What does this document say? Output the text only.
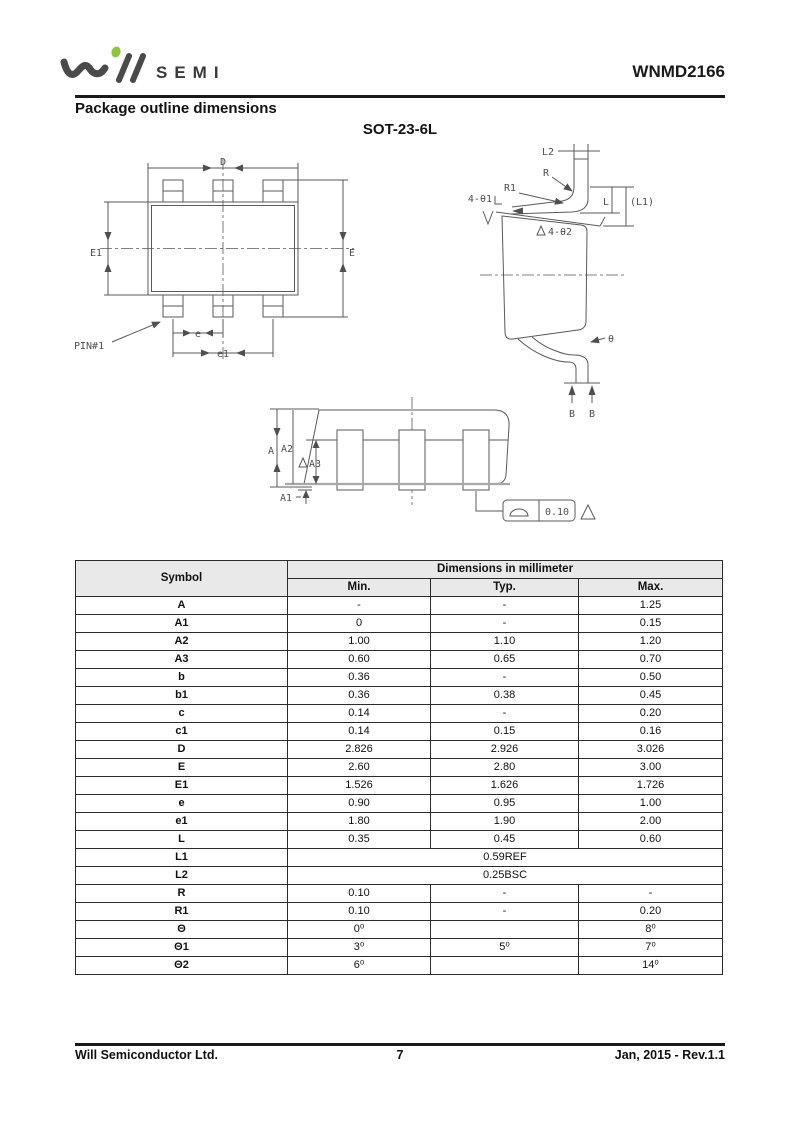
SEMI	WNMD2166
Package outline dimensions
SOT-23-6L
D
E1	E
e
e1
PIN#1
L2
4-θ2
4-θ1
R
R1
L (L1)
θ
B B
A A2
A3
A1
0.10
Symbol	Dimensions in millimeter		
	Min.	Typ.	Max.
A	-	-	1.25
A1	0	-	0.15
A2	1.00	1.10	1.20
A3	0.60	0.65	0.70
b	0.36	-	0.50
b1	0.36	0.38	0.45
c	0.14	-	0.20
c1	0.14	0.15	0.16
D	2.826	2.926	3.026
E	2.60	2.80	3.00
E1	1.526	1.626	1.726
e	0.90	0.95	1.00
e1	1.80	1.90	2.00
L	0.35	0.45	0.60
L1	0.59REF		
L2	0.25BSC		
R	0.10	-	-
R1	0.10	-	0.20
Θ	0⁰		8⁰
Θ1	3⁰	5⁰	7⁰
Θ2	6⁰		14⁰
Will Semiconductor Ltd.	7	Jan, 2015 - Rev.1.1
